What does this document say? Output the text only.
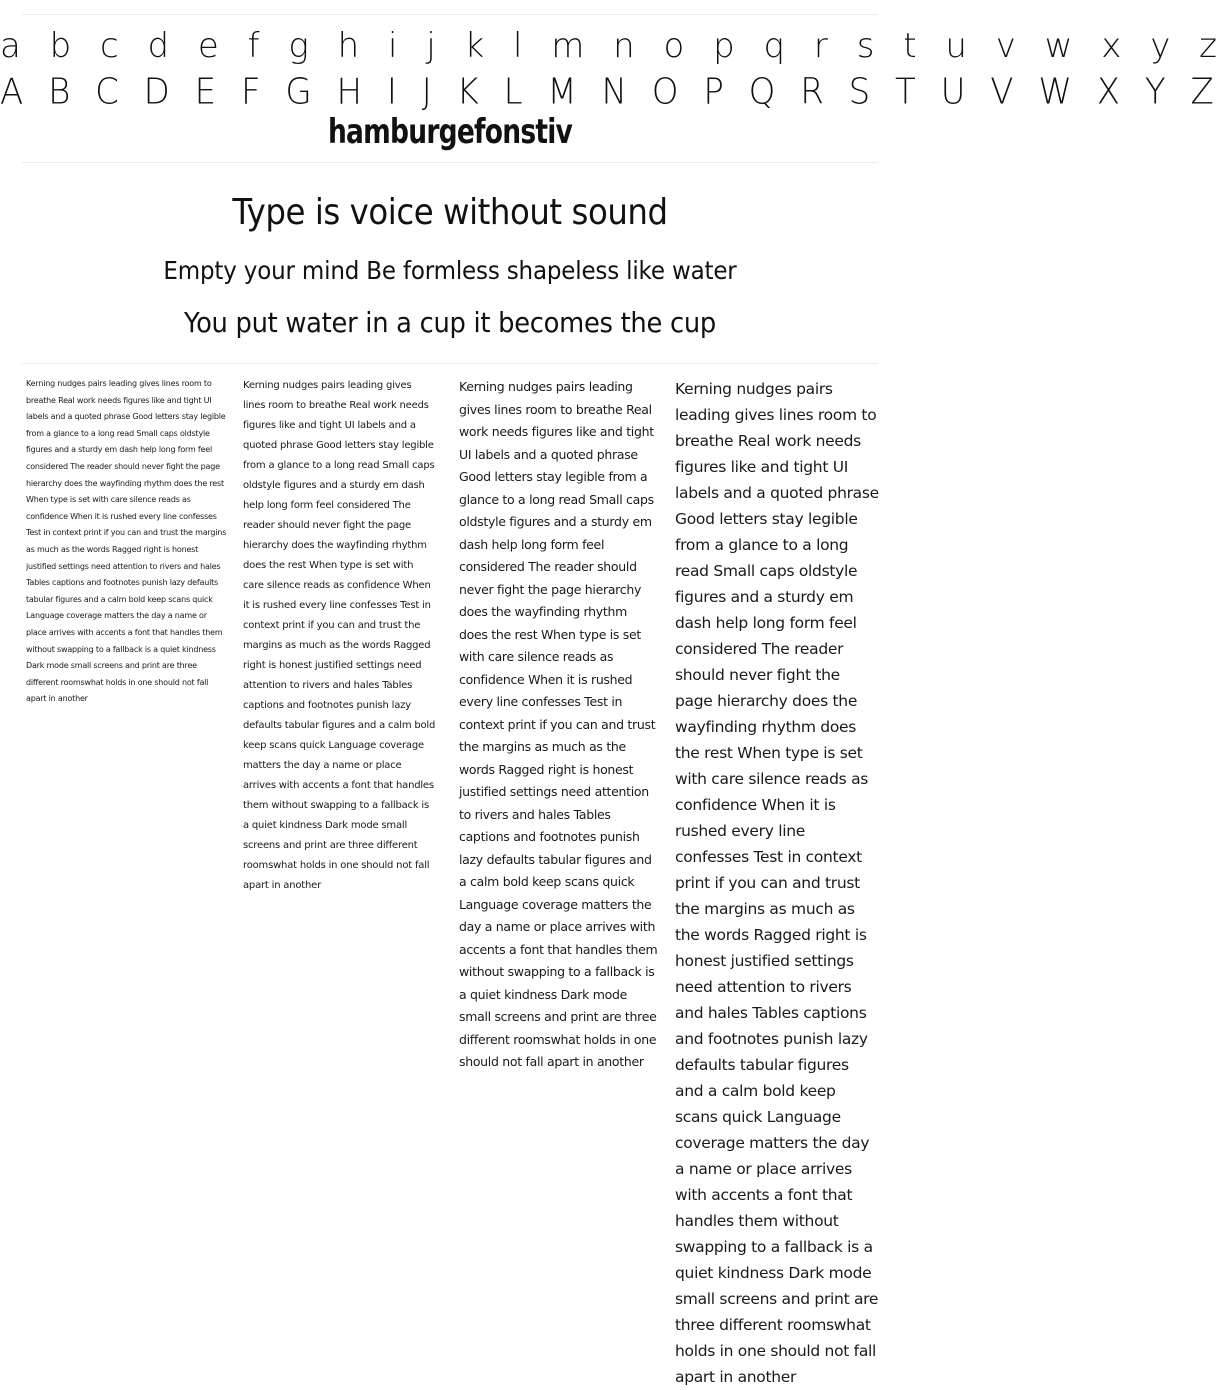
a b c d e f g h i j k l m n o p q r s t u v w x y z
A B C D E F G H I J K L M N O P Q R S T U V W X Y Z
hamburgefonstiv
Type is voice without sound
Empty your mind Be formless shapeless like water
You put water in a cup it becomes the cup
Kerning nudges pairs leading gives lines room to breathe Real work needs figures like and tight UI labels and a quoted phrase Good letters stay legible from a glance to a long read Small caps oldstyle figures and a sturdy em dash help long form feel considered The reader should never fight the page hierarchy does the wayfinding rhythm does the rest When type is set with care silence reads as confidence When it is rushed every line confesses Test in context print if you can and trust the margins as much as the words Ragged right is honest justified settings need attention to rivers and hales Tables captions and footnotes punish lazy defaults tabular figures and a calm bold keep scans quick Language coverage matters the day a name or place arrives with accents a font that handles them without swapping to a fallback is a quiet kindness Dark mode small screens and print are three different roomswhat holds in one should not fall apart in another
Kerning nudges pairs leading gives lines room to breathe Real work needs figures like and tight UI labels and a quoted phrase Good letters stay legible from a glance to a long read Small caps oldstyle figures and a sturdy em dash help long form feel considered The reader should never fight the page hierarchy does the wayfinding rhythm does the rest When type is set with care silence reads as confidence When it is rushed every line confesses Test in context print if you can and trust the margins as much as the words Ragged right is honest justified settings need attention to rivers and hales Tables captions and footnotes punish lazy defaults tabular figures and a calm bold keep scans quick Language coverage matters the day a name or place arrives with accents a font that handles them without swapping to a fallback is a quiet kindness Dark mode small screens and print are three different roomswhat holds in one should not fall apart in another
Kerning nudges pairs leading gives lines room to breathe Real work needs figures like and tight UI labels and a quoted phrase Good letters stay legible from a glance to a long read Small caps oldstyle figures and a sturdy em dash help long form feel considered The reader should never fight the page hierarchy does the wayfinding rhythm does the rest When type is set with care silence reads as confidence When it is rushed every line confesses Test in context print if you can and trust the margins as much as the words Ragged right is honest justified settings need attention to rivers and hales Tables captions and footnotes punish lazy defaults tabular figures and a calm bold keep scans quick Language coverage matters the day a name or place arrives with accents a font that handles them without swapping to a fallback is a quiet kindness Dark mode small screens and print are three different roomswhat holds in one should not fall apart in another
Kerning nudges pairs leading gives lines room to breathe Real work needs figures like and tight UI labels and a quoted phrase Good letters stay legible from a glance to a long read Small caps oldstyle figures and a sturdy em dash help long form feel considered The reader should never fight the page hierarchy does the wayfinding rhythm does the rest When type is set with care silence reads as confidence When it is rushed every line confesses Test in context print if you can and trust the margins as much as the words Ragged right is honest justified settings need attention to rivers and hales Tables captions and footnotes punish lazy defaults tabular figures and a calm bold keep scans quick Language coverage matters the day a name or place arrives with accents a font that handles them without swapping to a fallback is a quiet kindness Dark mode small screens and print are three different roomswhat holds in one should not fall apart in another
